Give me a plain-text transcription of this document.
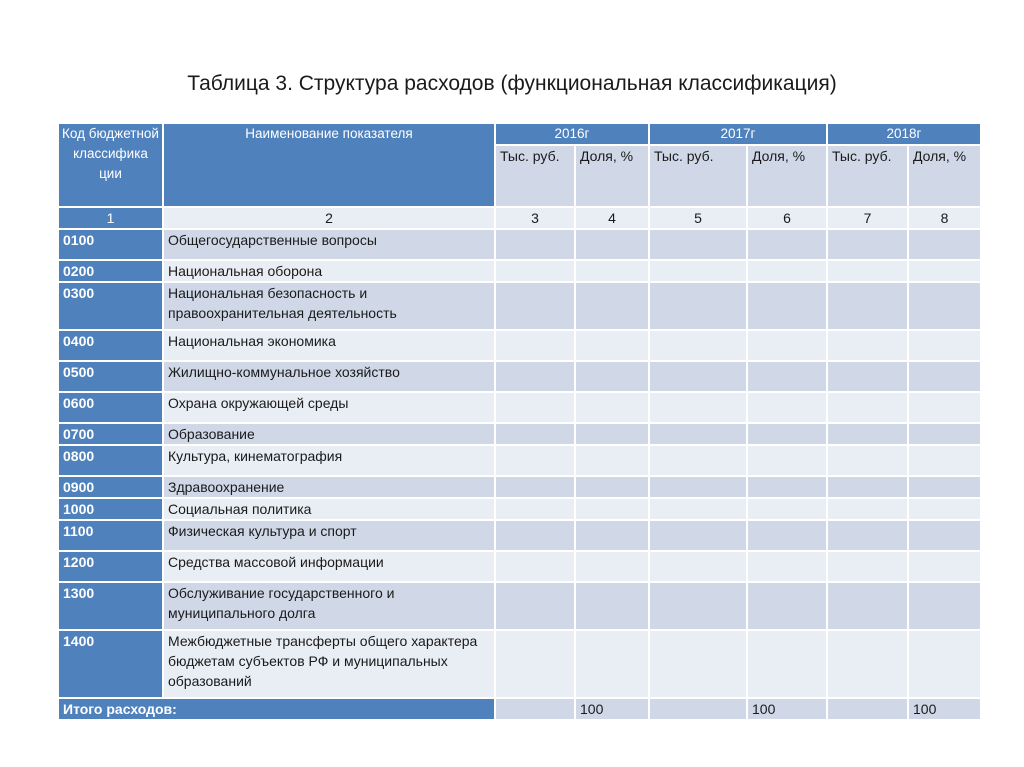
Таблица 3. Структура расходов (функциональная классификация)
Код бюджетной классифика ции	Наименование показателя	2016г		2017г		2018г	
		Тыс. руб.	Доля, %	Тыс. руб.	Доля, %	Тыс. руб.	Доля, %
1	2	3	4	5	6	7	8
0100	Общегосударственные вопросы						
0200	Национальная оборона						
0300	Национальная безопасность и правоохранительная деятельность						
0400	Национальная экономика						
0500	Жилищно-коммунальное хозяйство						
0600	Охрана окружающей среды						
0700	Образование						
0800	Культура, кинематография						
0900	Здравоохранение						
1000	Социальная политика						
1100	Физическая культура и спорт						
1200	Средства массовой информации						
1300	Обслуживание государственного и муниципального долга						
1400	Межбюджетные трансферты общего характера бюджетам субъектов РФ и муниципальных образований						
Итого расходов:			100		100		100
